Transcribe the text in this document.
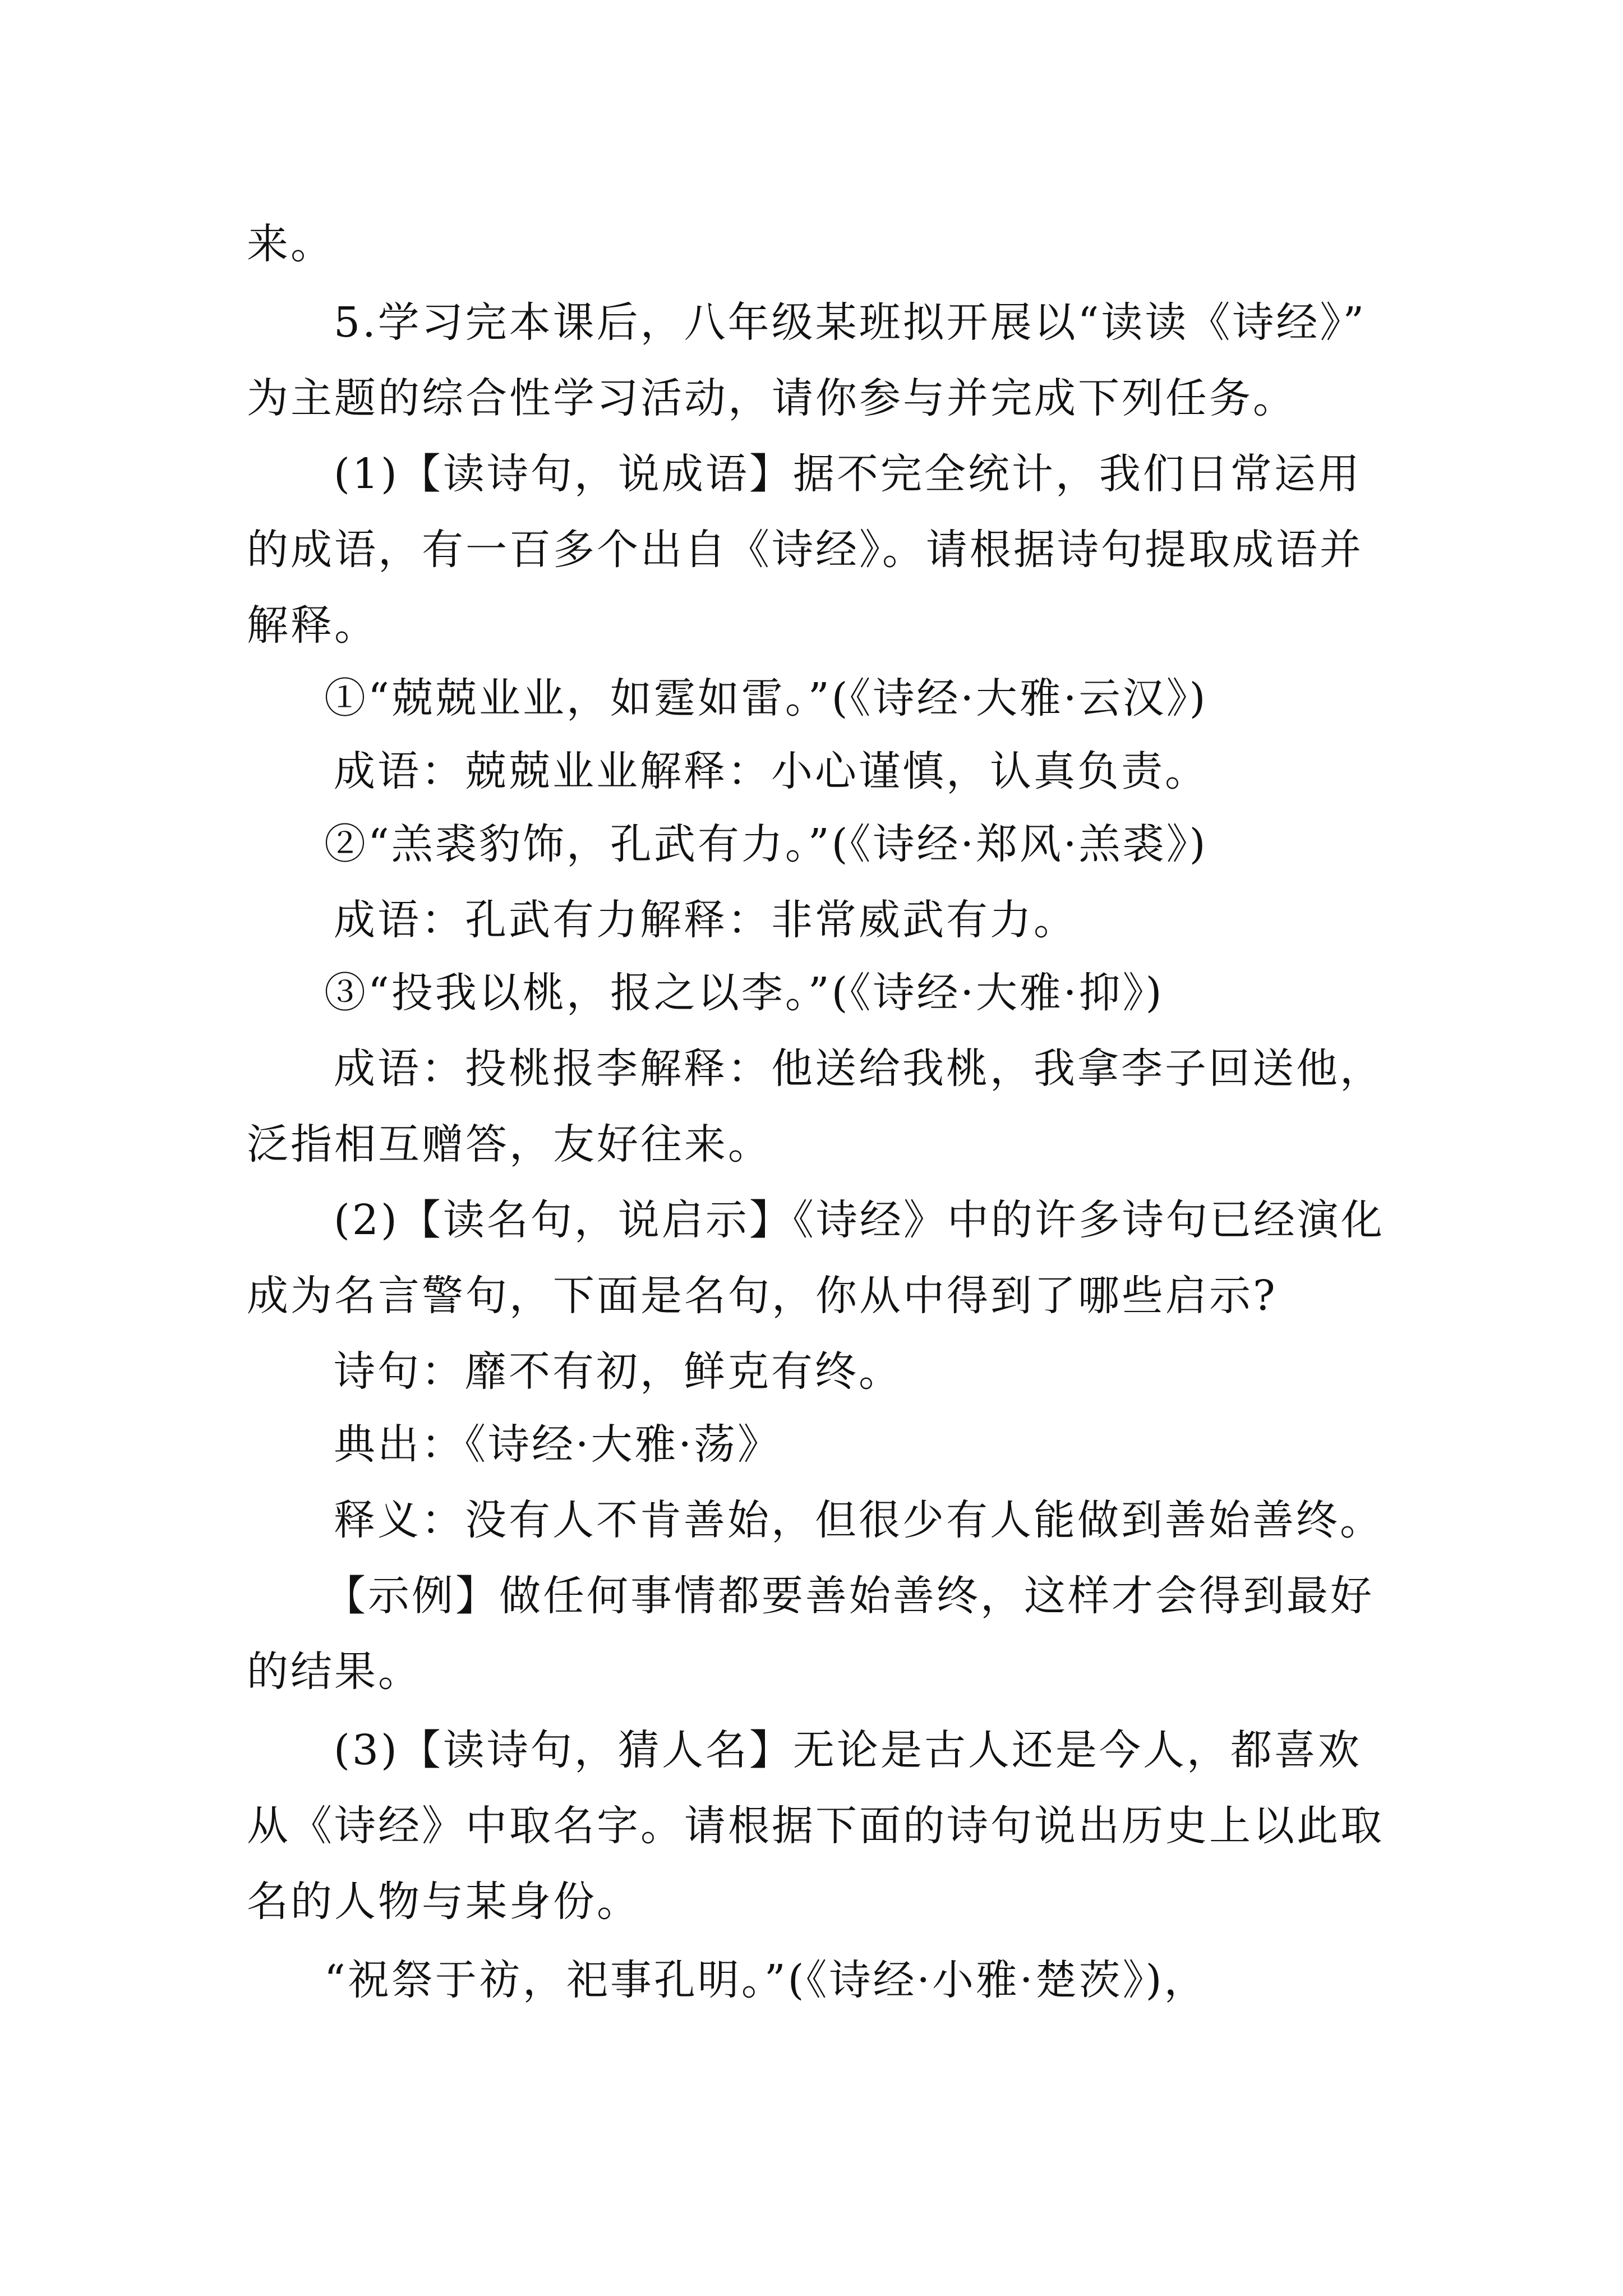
来。
5.学习完本课后，八年级某班拟开展以“读读《诗经》”
为主题的综合性学习活动，请你参与并完成下列任务。
(1)【读诗句，说成语】据不完全统计，我们日常运用
的成语，有一百多个出自《诗经》。请根据诗句提取成语并
解释。
①“兢兢业业，如霆如雷。”(《诗经·大雅·云汉》)
成语：兢兢业业解释：小心谨慎，认真负责。
②“羔裘豹饰，孔武有力。”(《诗经·郑风·羔裘》)
成语：孔武有力解释：非常威武有力。
③“投我以桃，报之以李。”(《诗经·大雅·抑》)
成语：投桃报李解释：他送给我桃，我拿李子回送他，
泛指相互赠答，友好往来。
(2)【读名句，说启示】《诗经》中的许多诗句已经演化
成为名言警句，下面是名句，你从中得到了哪些启示?
诗句：靡不有初，鲜克有终。
典出：《诗经·大雅·荡》
释义：没有人不肯善始，但很少有人能做到善始善终。
【示例】做任何事情都要善始善终，这样才会得到最好
的结果。
(3)【读诗句，猜人名】无论是古人还是今人，都喜欢
从《诗经》中取名字。请根据下面的诗句说出历史上以此取
名的人物与某身份。
“祝祭于祊，祀事孔明。”(《诗经·小雅·楚茨》)，
